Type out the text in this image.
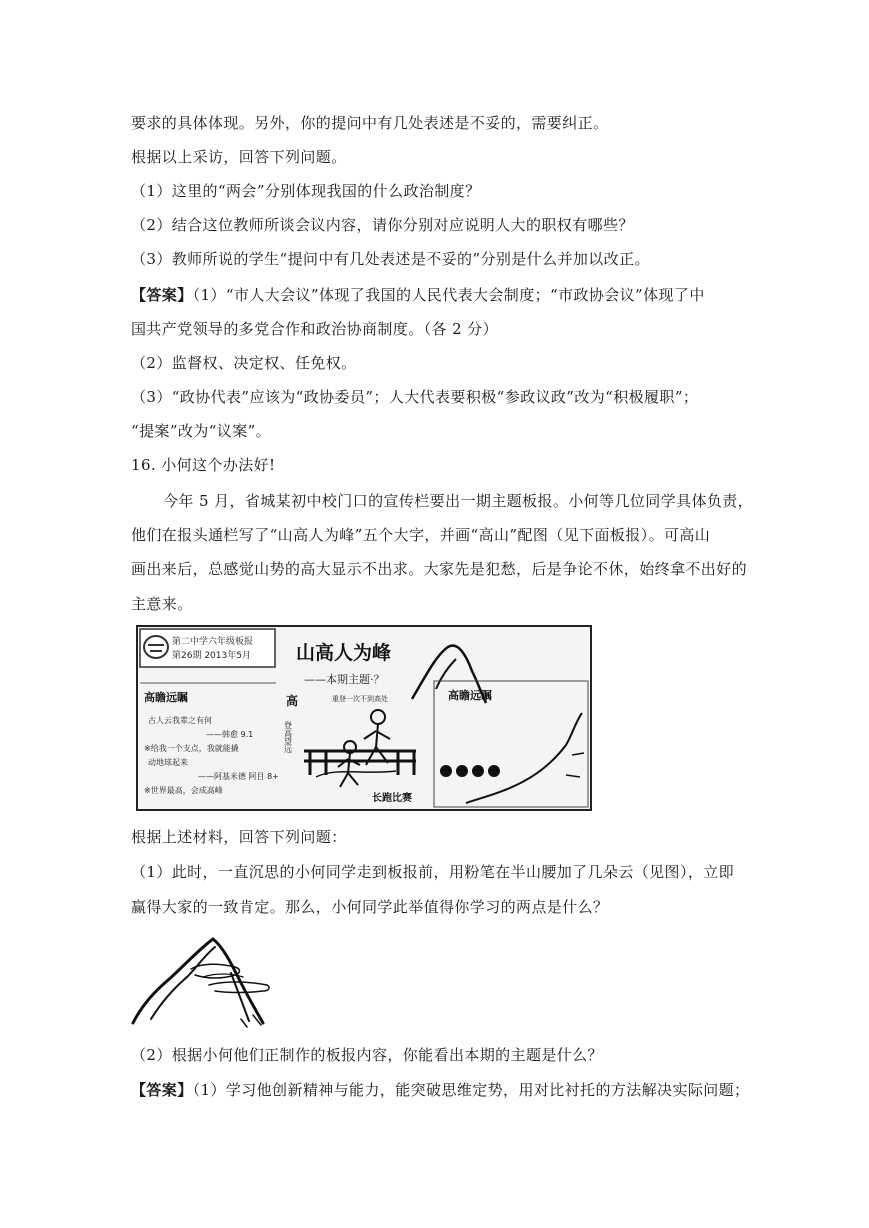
要求的具体体现。另外，你的提问中有几处表述是不妥的，需要纠正。
根据以上采访，回答下列问题。
（1）这里的“两会”分别体现我国的什么政治制度？
（2）结合这位教师所谈会议内容，请你分别对应说明人大的职权有哪些？
（3）教师所说的学生“提问中有几处表述是不妥的”分别是什么并加以改正。
【答案】（1）“市人大会议”体现了我国的人民代表大会制度；“市政协会议”体现了中
国共产党领导的多党合作和政治协商制度。（各 2 分）
（2）监督权、决定权、任免权。
（3）“政协代表”应该为“政协委员”；人大代表要积极“参政议政”改为“积极履职”；
“提案”改为“议案”。
16. 小何这个办法好!
今年 5 月，省城某初中校门口的宣传栏要出一期主题板报。小何等几位同学具体负责，
他们在报头通栏写了“山高人为峰”五个大字，并画“高山”配图（见下面板报）。可高山
画出来后，总感觉山势的高大显示不出求。大家先是犯愁，后是争论不休，始终拿不出好的
主意来。
第二中学六年级板报
第26期 2013年5月 山高人为峰
——本期主题·？
高瞻远瞩
古人云我辈之有何
——韩愈 9.1
※给我一个支点，我就能撬
动地球起来
——阿基米德 阿目 8+
※世界最高，会成高峰
高
登高望远
重登一次不到高处
长跑比赛
高瞻远瞩
根据上述材料，回答下列问题：
（1）此时，一直沉思的小何同学走到板报前，用粉笔在半山腰加了几朵云（见图），立即
赢得大家的一致肯定。那么，小何同学此举值得你学习的两点是什么？
（2）根据小何他们正制作的板报内容，你能看出本期的主题是什么？
【答案】（1）学习他创新精神与能力，能突破思维定势，用对比衬托的方法解决实际问题；
